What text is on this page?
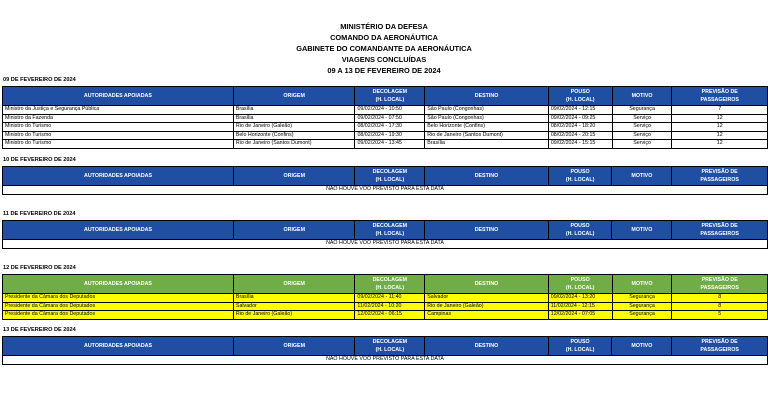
MINISTÉRIO DA DEFESA
COMANDO DA AERONÁUTICA
GABINETE DO COMANDANTE DA AERONÁUTICA
VIAGENS CONCLUÍDAS
09 A 13 DE FEVEREIRO DE 2024
09 DE FEVEREIRO DE 2024
AUTORIDADES APOIADAS	ORIGEM	DECOLAGEM
(H. LOCAL)	DESTINO	POUSO
(H. LOCAL)	MOTIVO	PREVISÃO DE
PASSAGEIROS
Ministro da Justiça e Segurança Pública	Brasília	09/02/2024 - 10:50	São Paulo (Congonhas)	09/02/2024 - 12:15	Segurança	7
Ministro da Fazenda	Brasília	09/02/2024 - 07:50	São Paulo (Congonhas)	09/02/2024 - 09:25	Serviço	12
Ministro do Turismo	Rio de Janeiro (Galeão)	08/02/2024 - 17:30	Belo Horizonte (Confins)	08/02/2024 - 18:20	Serviço	12
Ministro do Turismo	Belo Horizonte (Confins)	08/02/2024 - 19:30	Rio de Janeiro (Santos Dumont)	08/02/2024 - 20:15	Serviço	12
Ministro do Turismo	Rio de Janeiro (Santos Dumont)	09/02/2024 - 13:45	Brasília	09/02/2024 - 15:15	Serviço	12
10 DE FEVEREIRO DE 2024
AUTORIDADES APOIADAS	ORIGEM	DECOLAGEM
(H. LOCAL)	DESTINO	POUSO
(H. LOCAL)	MOTIVO	PREVISÃO DE
PASSAGEIROS
NÃO HOUVE VOO PREVISTO PARA ESTA DATA
11 DE FEVEREIRO DE 2024
AUTORIDADES APOIADAS	ORIGEM	DECOLAGEM
(H. LOCAL)	DESTINO	POUSO
(H. LOCAL)	MOTIVO	PREVISÃO DE
PASSAGEIROS
NÃO HOUVE VOO PREVISTO PARA ESTA DATA
12 DE FEVEREIRO DE 2024
AUTORIDADES APOIADAS	ORIGEM	DECOLAGEM
(H. LOCAL)	DESTINO	POUSO
(H. LOCAL)	MOTIVO	PREVISÃO DE
PASSAGEIROS
Presidente da Câmara dos Deputados	Brasília	09/02/2024 - 11:40	Salvador	09/02/2024 - 13:20	Segurança	8
Presidente da Câmara dos Deputados	Salvador	11/02/2024 - 10:20	Rio de Janeiro (Galeão)	11/02/2024 - 12:15	Segurança	8
Presidente da Câmara dos Deputados	Rio de Janeiro (Galeão)	12/02/2024 - 06:15	Campinas	12/02/2024 - 07:05	Segurança	5
13 DE FEVEREIRO DE 2024
AUTORIDADES APOIADAS	ORIGEM	DECOLAGEM
(H. LOCAL)	DESTINO	POUSO
(H. LOCAL)	MOTIVO	PREVISÃO DE
PASSAGEIROS
NÃO HOUVE VOO PREVISTO PARA ESTA DATA
